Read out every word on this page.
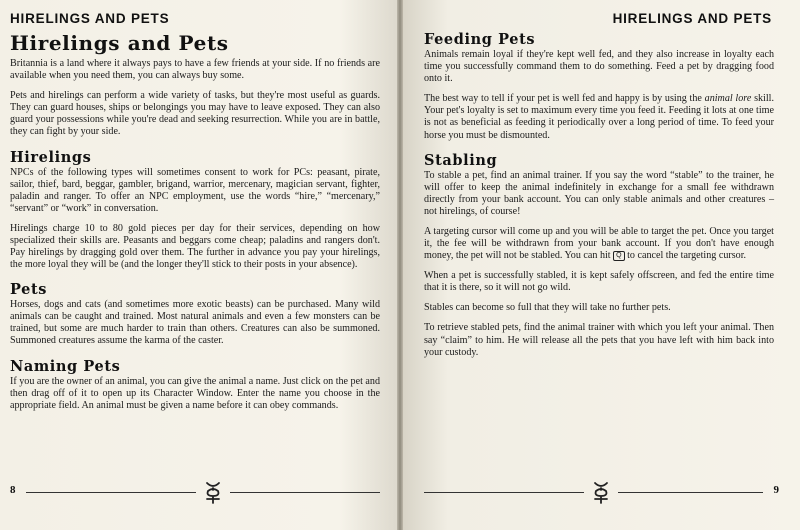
HIRELINGS AND PETS
Hirelings and Pets

Britannia is a land where it always pays to have a few friends at your side. If no friends are available when you need them, you can always buy some.

Pets and hirelings can perform a wide variety of tasks, but they're most useful as guards. They can guard houses, ships or belongings you may have to leave exposed. They can also guard your possessions while you're dead and seeking resurrection. While you are in battle, they can fight by your side.

Hirelings

NPCs of the following types will sometimes consent to work for PCs: peasant, pirate, sailor, thief, bard, beggar, gambler, brigand, warrior, mercenary, magician servant, fighter, paladin and ranger. To offer an NPC employment, use the words “hire,” “mercenary,” “servant” or “work” in conversation.

Hirelings charge 10 to 80 gold pieces per day for their services, depending on how specialized their skills are. Peasants and beggars come cheap; paladins and rangers don't. Pay hirelings by dragging gold over them. The further in advance you pay your hirelings, the more loyal they will be (and the longer they'll stick to their posts in your absence).

Pets

Horses, dogs and cats (and sometimes more exotic beasts) can be purchased. Many wild animals can be caught and trained. Most natural animals and even a few monsters can be trained, but some are much harder to train than others. Creatures can also be summoned. Summoned creatures assume the karma of the caster.

Naming Pets

If you are the owner of an animal, you can give the animal a name. Just click on the pet and then drag off of it to open up its Character Window. Enter the name you choose in the appropriate field. An animal must be given a name before it can obey commands.

8
HIRELINGS AND PETS
Feeding Pets

Animals remain loyal if they're kept well fed, and they also increase in loyalty each time you successfully command them to do something. Feed a pet by dragging food onto it.

The best way to tell if your pet is well fed and happy is by using the animal lore skill. Your pet's loyalty is set to maximum every time you feed it. Feeding it lots at one time is not as beneficial as feeding it periodically over a long period of time. To feed your horse you must be dismounted.

Stabling

To stable a pet, find an animal trainer. If you say the word “stable” to the trainer, he will offer to keep the animal indefinitely in exchange for a small fee withdrawn directly from your bank account. You can only stable animals and other creatures – not hirelings, of course!

A targeting cursor will come up and you will be able to target the pet. Once you target it, the fee will be withdrawn from your bank account. If you don't have enough money, the pet will not be stabled. You can hit Q to cancel the targeting cursor.

When a pet is successfully stabled, it is kept safely offscreen, and fed the entire time that it is there, so it will not go wild.

Stables can become so full that they will take no further pets.

To retrieve stabled pets, find the animal trainer with which you left your animal. Then say “claim” to him. He will release all the pets that you have left with him back into your custody.

9
